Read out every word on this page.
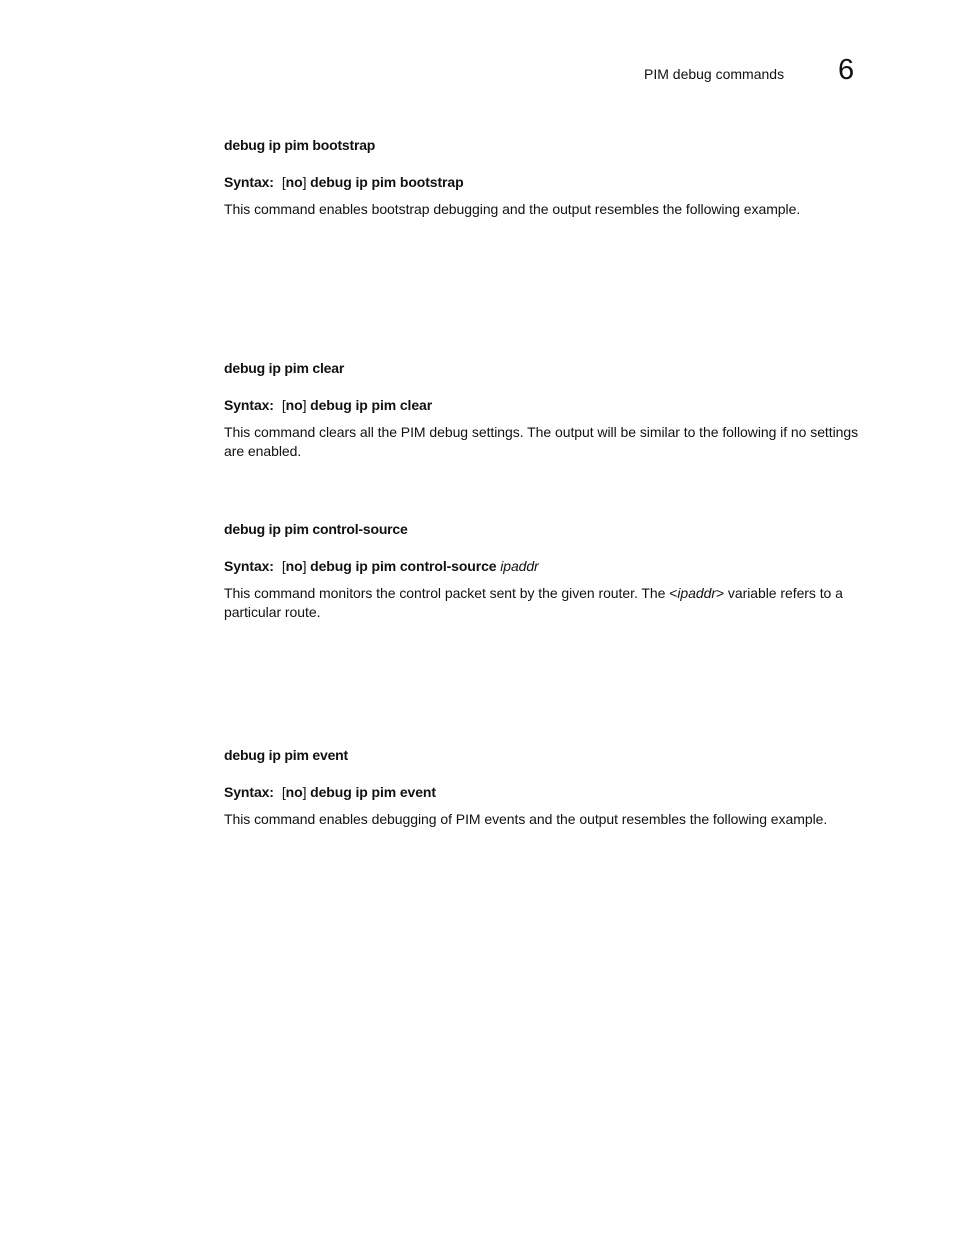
PIM debug commands 6

debug ip pim bootstrap

Syntax: [no] debug ip pim bootstrap

This command enables bootstrap debugging and the output resembles the following example.

debug ip pim clear

Syntax: [no] debug ip pim clear

This command clears all the PIM debug settings. The output will be similar to the following if no settings are enabled.

debug ip pim control-source

Syntax: [no] debug ip pim control-source ipaddr

This command monitors the control packet sent by the given router. The <ipaddr> variable refers to a particular route.

debug ip pim event

Syntax: [no] debug ip pim event

This command enables debugging of PIM events and the output resembles the following example.
